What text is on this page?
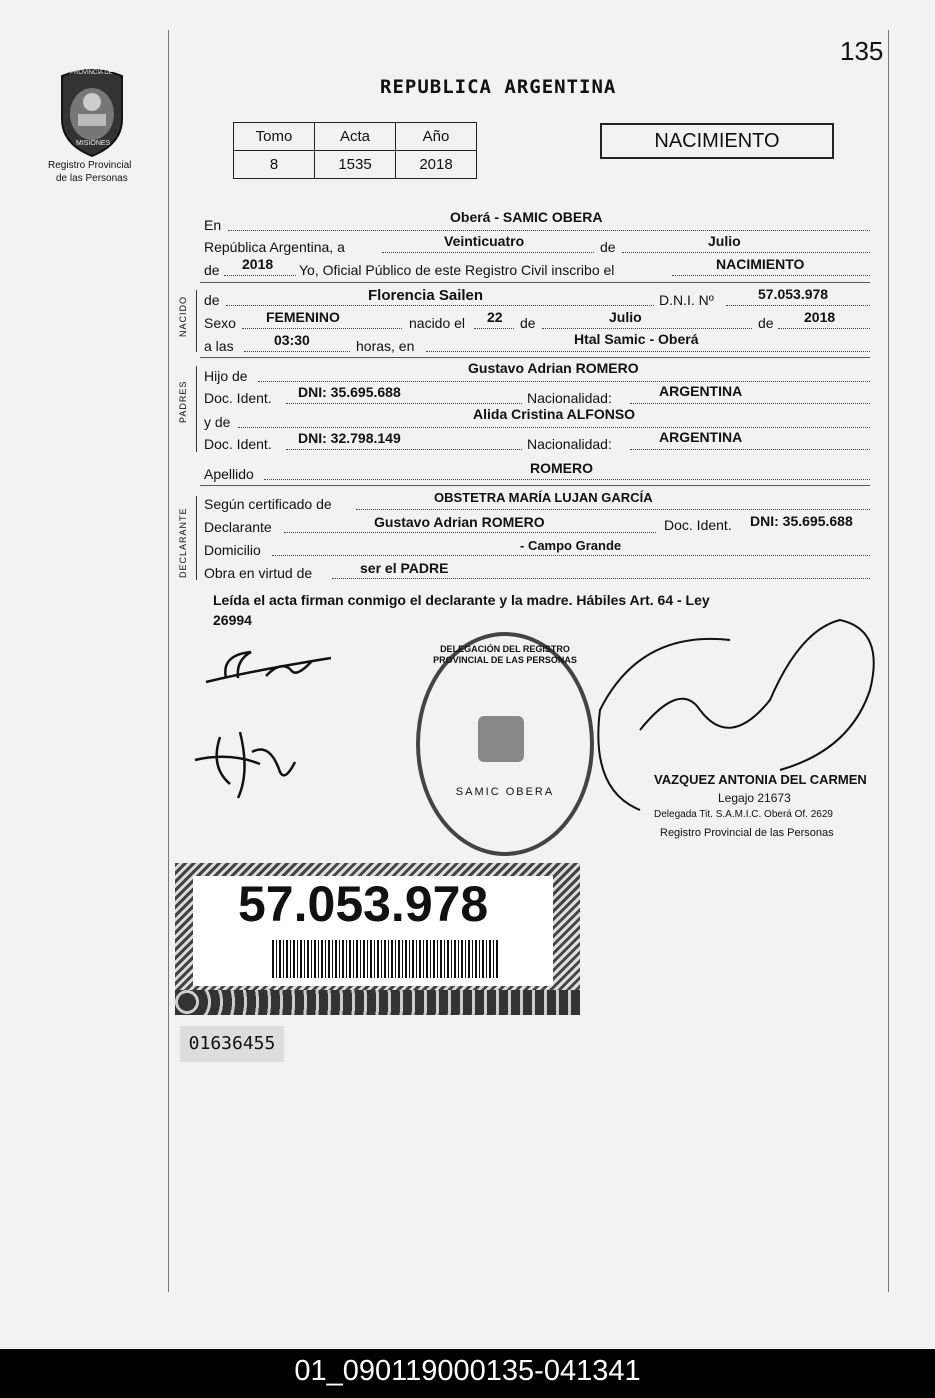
135
PROVINCIA DE
MISIONES
Registro Provincial
de las Personas
REPUBLICA ARGENTINA
Tomo	Acta	Año
8	1535	2018
NACIMIENTO
En	Oberá - SAMIC OBERA
República Argentina, a	Veinticuatro	de	Julio
de 2018 Yo, Oficial Público de este Registro Civil inscribo el	NACIMIENTO
NACIDO de	Florencia Sailen	D.N.I. Nº	57.053.978
Sexo FEMENINO	nacido el 22 de	Julio	de 2018
a las	03:30	horas, en	Htal Samic - Oberá
PADRES
Hijo de	Gustavo Adrian ROMERO
Doc. Ident. DNI: 35.695.688	Nacionalidad:	ARGENTINA
y de	Alida Cristina ALFONSO
Doc. Ident. DNI: 32.798.149	Nacionalidad:	ARGENTINA
Apellido	ROMERO
DECLARANTE
Según certificado de	OBSTETRA MARÍA LUJAN GARCÍA
Declarante	Gustavo Adrian ROMERO	Doc. Ident. DNI: 35.695.688
Domicilio	- Campo Grande
Obra en virtud de	ser el PADRE
Leída el acta firman conmigo el declarante y la madre. Hábiles Art. 64 - Ley
26994
DELEGACIÓN DEL REGISTRO PROVINCIAL DE LAS PERSONAS
SAMIC OBERA
VAZQUEZ ANTONIA DEL CARMEN
Legajo 21673
Delegada Tit. S.A.M.I.C. Oberá Of. 2629
Registro Provincial de las Personas
57.053.978
01636455
01_090119000135-041341
